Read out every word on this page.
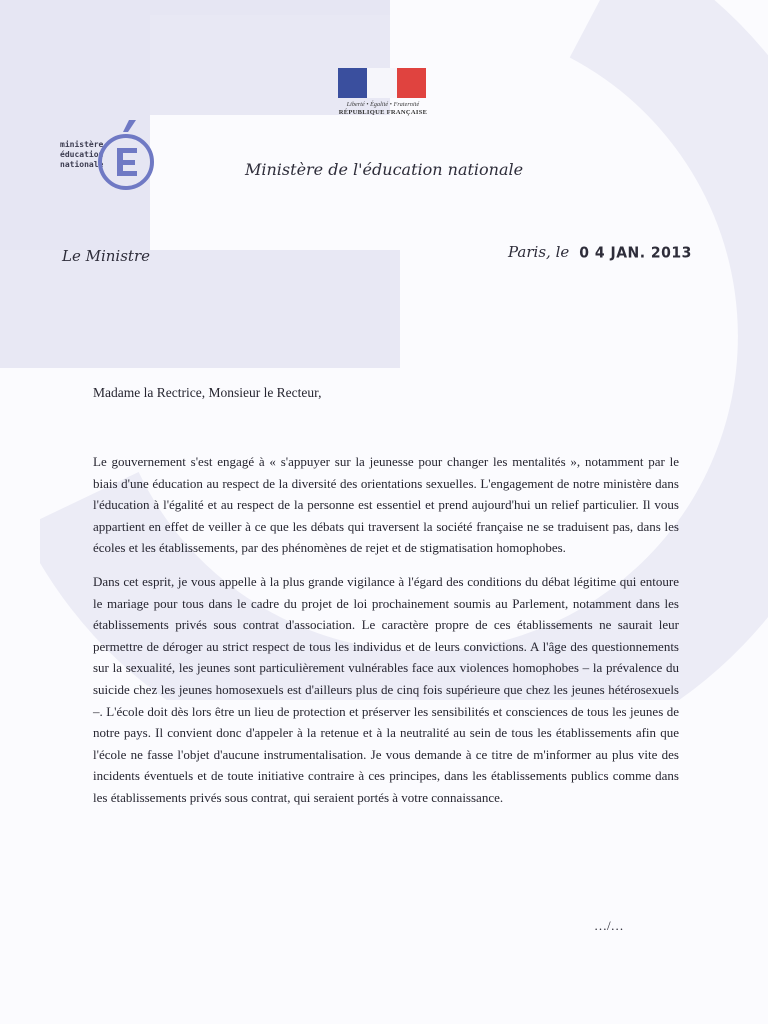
Liberté • Égalité • Fraternité
RÉPUBLIQUE FRANÇAISE
ministère
éducation
nationale	Ministère de l'éducation nationale
Le Ministre	Paris, le 0 4 JAN. 2013
Madame la Rectrice, Monsieur le Recteur,

Le gouvernement s'est engagé à « s'appuyer sur la jeunesse pour changer les mentalités », notamment par le biais d'une éducation au respect de la diversité des orientations sexuelles. L'engagement de notre ministère dans l'éducation à l'égalité et au respect de la personne est essentiel et prend aujourd'hui un relief particulier. Il vous appartient en effet de veiller à ce que les débats qui traversent la société française ne se traduisent pas, dans les écoles et les établissements, par des phénomènes de rejet et de stigmatisation homophobes.

Dans cet esprit, je vous appelle à la plus grande vigilance à l'égard des conditions du débat légitime qui entoure le mariage pour tous dans le cadre du projet de loi prochainement soumis au Parlement, notamment dans les établissements privés sous contrat d'association. Le caractère propre de ces établissements ne saurait leur permettre de déroger au strict respect de tous les individus et de leurs convictions. A l'âge des questionnements sur la sexualité, les jeunes sont particulièrement vulnérables face aux violences homophobes – la prévalence du suicide chez les jeunes homosexuels est d'ailleurs plus de cinq fois supérieure que chez les jeunes hétérosexuels –. L'école doit dès lors être un lieu de protection et préserver les sensibilités et consciences de tous les jeunes de notre pays. Il convient donc d'appeler à la retenue et à la neutralité au sein de tous les établissements afin que l'école ne fasse l'objet d'aucune instrumentalisation. Je vous demande à ce titre de m'informer au plus vite des incidents éventuels et de toute initiative contraire à ces principes, dans les établissements publics comme dans les établissements privés sous contrat, qui seraient portés à votre connaissance.

…/…
